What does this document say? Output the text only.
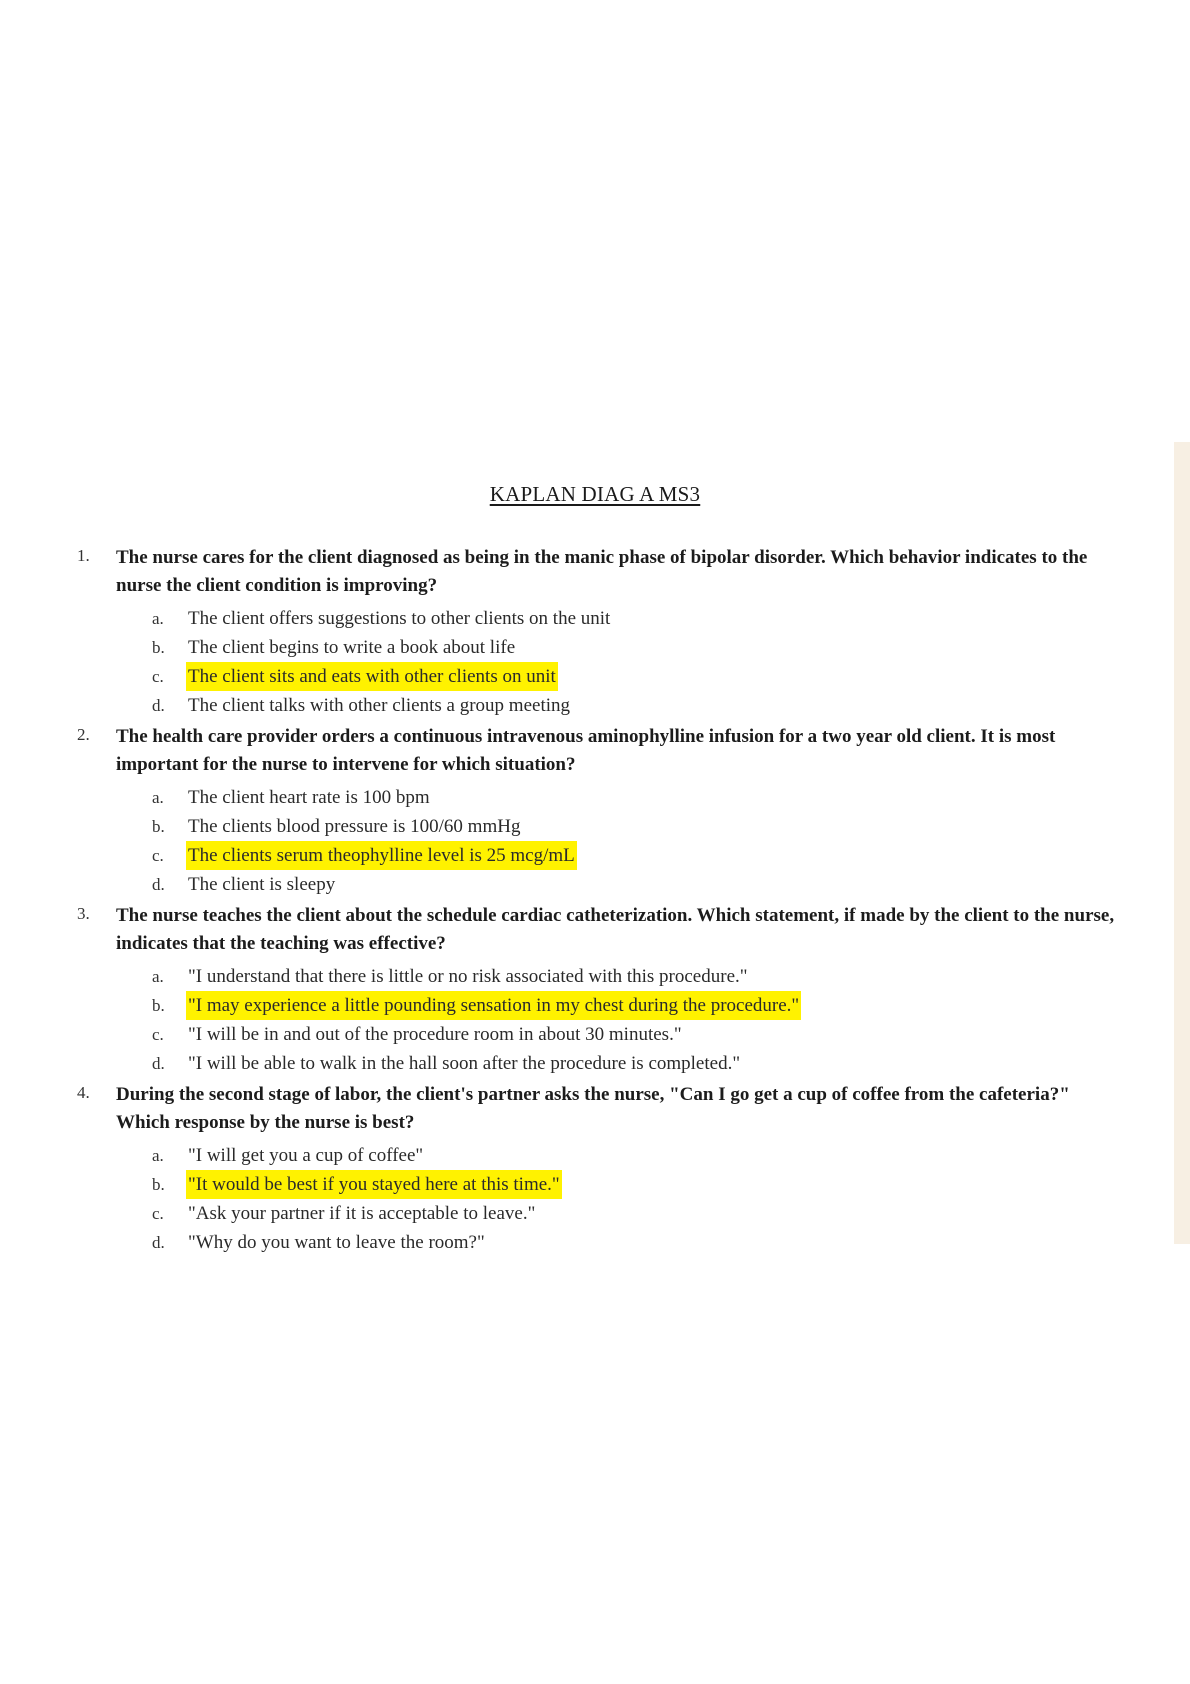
KAPLAN DIAG A MS3
1. The nurse cares for the client diagnosed as being in the manic phase of bipolar disorder. Which behavior indicates to the nurse the client condition is improving?
a. The client offers suggestions to other clients on the unit
b. The client begins to write a book about life
c. The client sits and eats with other clients on unit
d. The client talks with other clients a group meeting
2. The health care provider orders a continuous intravenous aminophylline infusion for a two year old client. It is most important for the nurse to intervene for which situation?
a. The client heart rate is 100 bpm
b. The clients blood pressure is 100/60 mmHg
c. The clients serum theophylline level is 25 mcg/mL
d. The client is sleepy
3. The nurse teaches the client about the schedule cardiac catheterization. Which statement, if made by the client to the nurse, indicates that the teaching was effective?
a. "I understand that there is little or no risk associated with this procedure."
b. "I may experience a little pounding sensation in my chest during the procedure."
c. "I will be in and out of the procedure room in about 30 minutes."
d. "I will be able to walk in the hall soon after the procedure is completed."
4. During the second stage of labor, the client's partner asks the nurse, "Can I go get a cup of coffee from the cafeteria?" Which response by the nurse is best?
a. "I will get you a cup of coffee"
b. "It would be best if you stayed here at this time."
c. "Ask your partner if it is acceptable to leave."
d. "Why do you want to leave the room?"
